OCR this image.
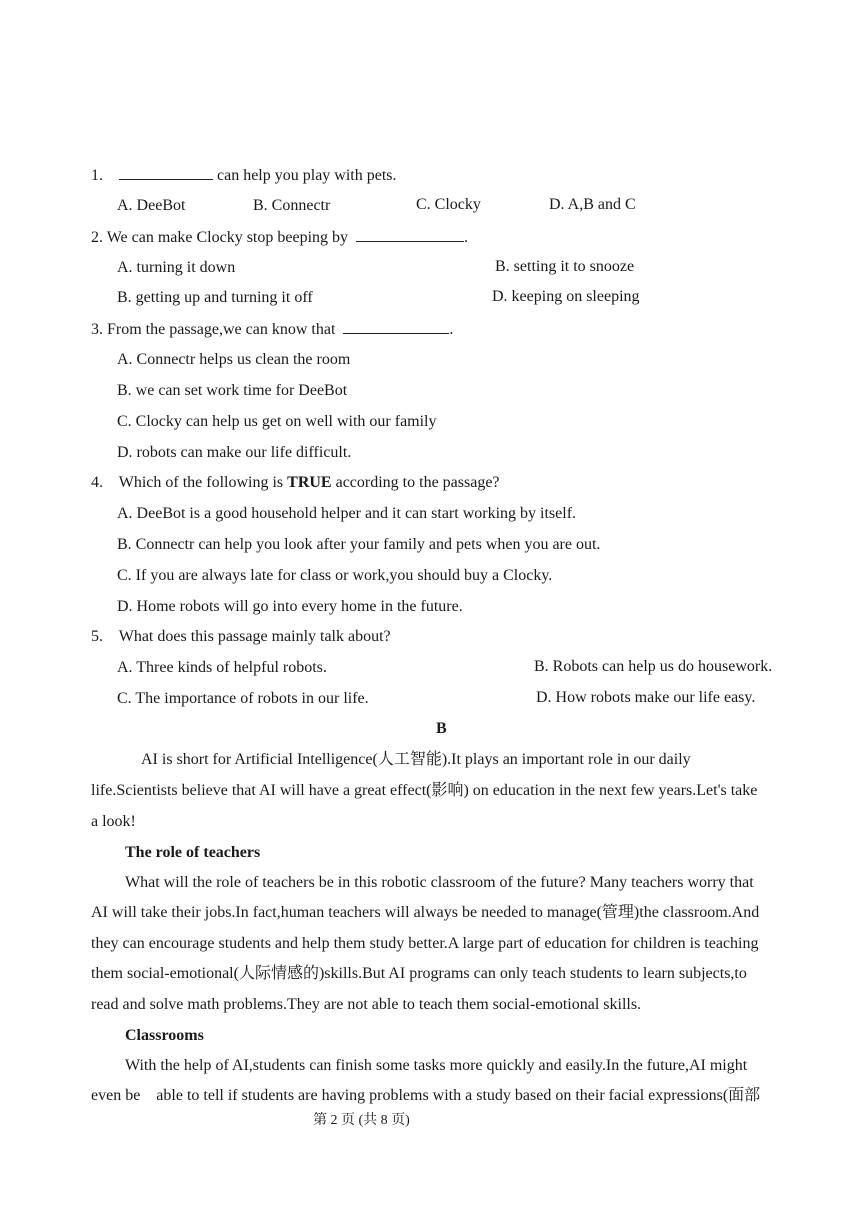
1.	can help you play with pets.
A. DeeBot	B. Connectr	C. Clocky	D. A,B and C
2. We can make Clocky stop beeping by	.
A. turning it down	B. setting it to snooze
B. getting up and turning it off	D. keeping on sleeping
3. From the passage,we can know that	.
A. Connectr helps us clean the room
B. we can set work time for DeeBot
C. Clocky can help us get on well with our family
D. robots can make our life difficult.
4. Which of the following is TRUE according to the passage?
A. DeeBot is a good household helper and it can start working by itself.
B. Connectr can help you look after your family and pets when you are out.
C. If you are always late for class or work,you should buy a Clocky.
D. Home robots will go into every home in the future.
5. What does this passage mainly talk about?
A. Three kinds of helpful robots.	B. Robots can help us do housework.
C. The importance of robots in our life.	D. How robots make our life easy.
B
AI is short for Artificial Intelligence(人工智能).It plays an important role in our daily
life.Scientists believe that AI will have a great effect(影响) on education in the next few years.Let's take
a look!
The role of teachers
What will the role of teachers be in this robotic classroom of the future? Many teachers worry that
AI will take their jobs.In fact,human teachers will always be needed to manage(管理)the classroom.And
they can encourage students and help them study better.A large part of education for children is teaching
them social-emotional(人际情感的)skills.But AI programs can only teach students to learn subjects,to
read and solve math problems.They are not able to teach them social-emotional skills.
Classrooms
With the help of AI,students can finish some tasks more quickly and easily.In the future,AI might
even be    able to tell if students are having problems with a study based on their facial expressions(面部
第 2 页 (共 8 页)
